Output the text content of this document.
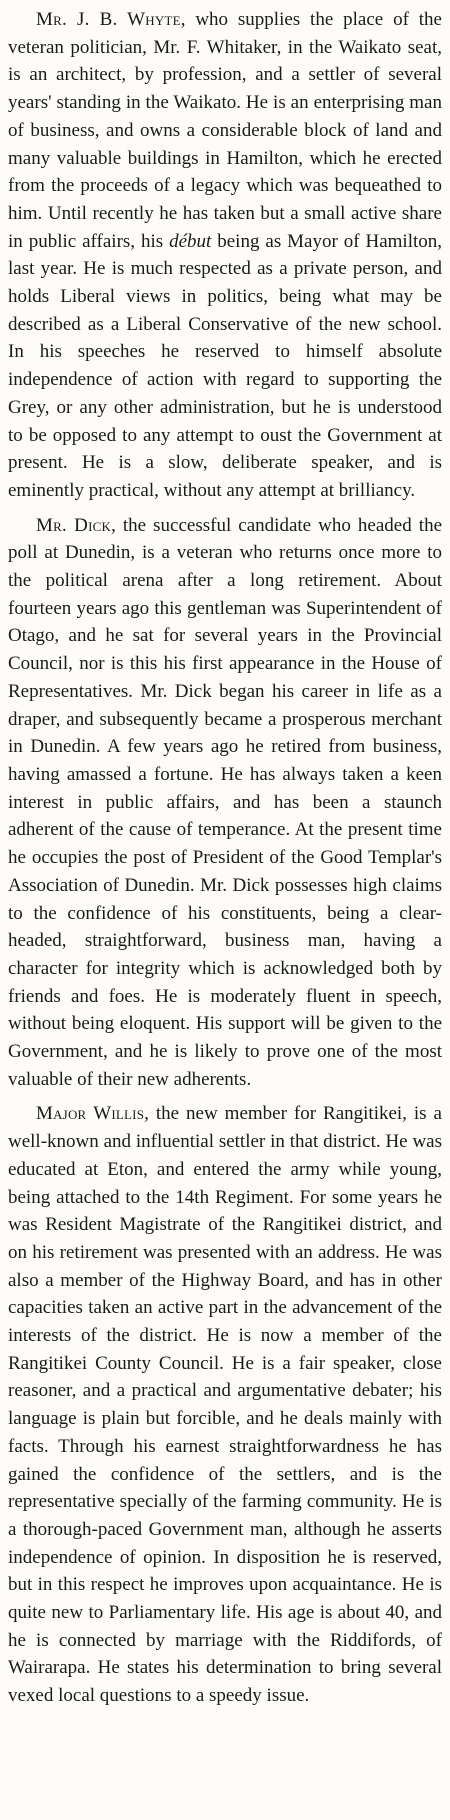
Mr. J. B. Whyte, who supplies the place of the veteran politician, Mr. F. Whitaker, in the Waikato seat, is an architect, by profession, and a settler of several years' standing in the Waikato. He is an enterprising man of business, and owns a considerable block of land and many valuable buildings in Hamilton, which he erected from the proceeds of a legacy which was bequeathed to him. Until recently he has taken but a small active share in public affairs, his début being as Mayor of Hamilton, last year. He is much respected as a private person, and holds Liberal views in politics, being what may be described as a Liberal Conservative of the new school. In his speeches he reserved to himself absolute independence of action with regard to supporting the Grey, or any other administration, but he is understood to be opposed to any attempt to oust the Government at present. He is a slow, deliberate speaker, and is eminently practical, without any attempt at brilliancy.

Mr. Dick, the successful candidate who headed the poll at Dunedin, is a veteran who returns once more to the political arena after a long retirement. About fourteen years ago this gentleman was Superintendent of Otago, and he sat for several years in the Provincial Council, nor is this his first appearance in the House of Representatives. Mr. Dick began his career in life as a draper, and subsequently became a prosperous merchant in Dunedin. A few years ago he retired from business, having amassed a fortune. He has always taken a keen interest in public affairs, and has been a staunch adherent of the cause of temperance. At the present time he occupies the post of President of the Good Templar's Association of Dunedin. Mr. Dick possesses high claims to the confidence of his constituents, being a clear-headed, straightforward, business man, having a character for integrity which is acknowledged both by friends and foes. He is moderately fluent in speech, without being eloquent. His support will be given to the Government, and he is likely to prove one of the most valuable of their new adherents.

Major Willis, the new member for Rangitikei, is a well-known and influential settler in that district. He was educated at Eton, and entered the army while young, being attached to the 14th Regiment. For some years he was Resident Magistrate of the Rangitikei district, and on his retirement was presented with an address. He was also a member of the Highway Board, and has in other capacities taken an active part in the advancement of the interests of the district. He is now a member of the Rangitikei County Council. He is a fair speaker, close reasoner, and a practical and argumentative debater; his language is plain but forcible, and he deals mainly with facts. Through his earnest straightforwardness he has gained the confidence of the settlers, and is the representative specially of the farming community. He is a thorough-paced Government man, although he asserts independence of opinion. In disposition he is reserved, but in this respect he improves upon acquaintance. He is quite new to Parliamentary life. His age is about 40, and he is connected by marriage with the Riddifords, of Wairarapa. He states his determination to bring several vexed local questions to a speedy issue.
